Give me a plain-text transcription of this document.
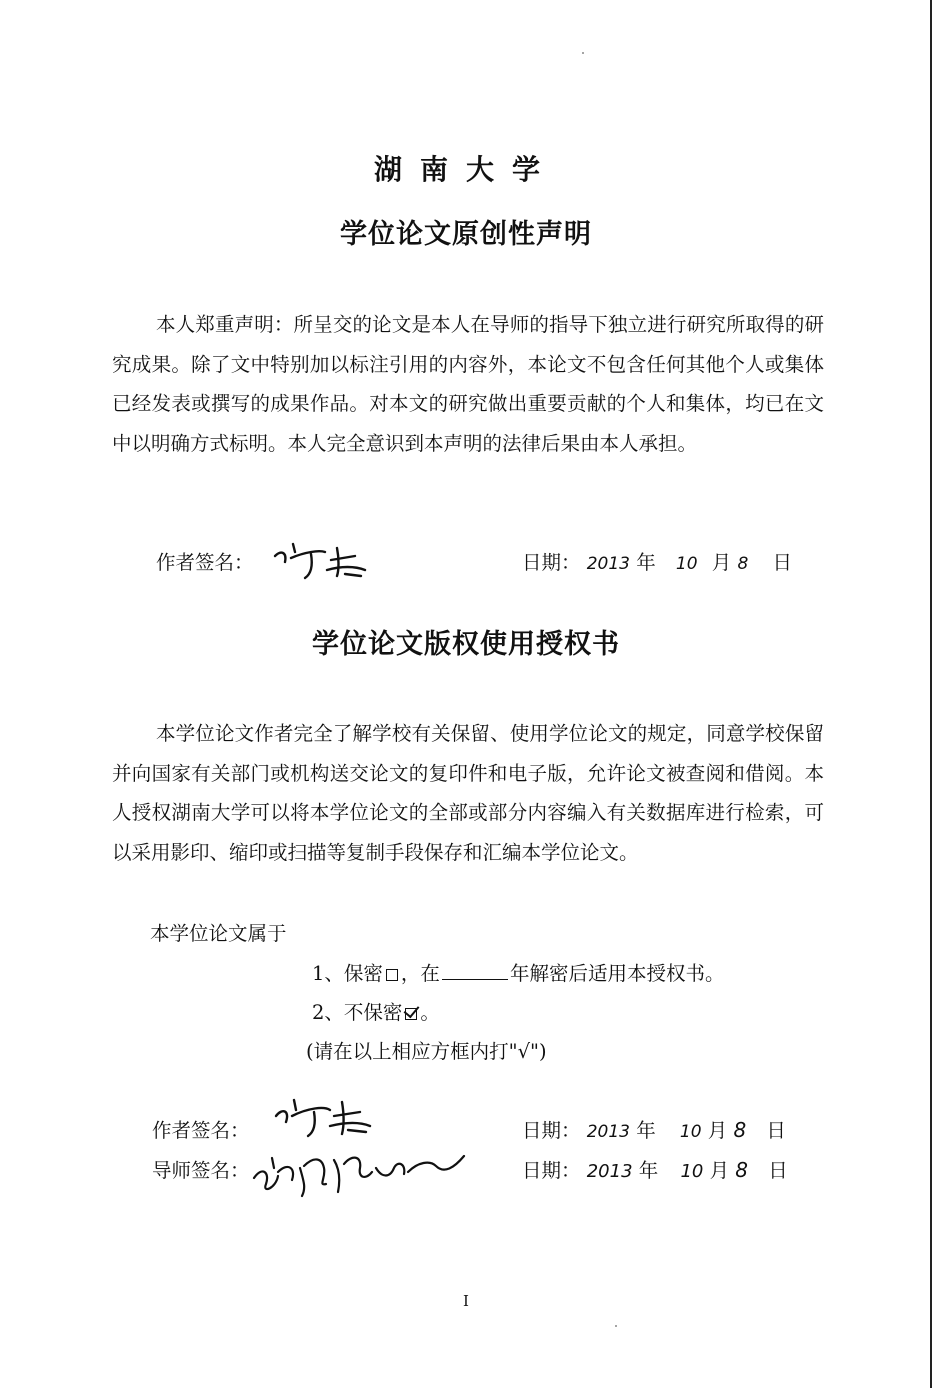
湖南大学
学位论文原创性声明

本人郑重声明：所呈交的论文是本人在导师的指导下独立进行研究所取得的研究成果。除了文中特别加以标注引用的内容外，本论文不包含任何其他个人或集体已经发表或撰写的成果作品。对本文的研究做出重要贡献的个人和集体，均已在文中以明确方式标明。本人完全意识到本声明的法律后果由本人承担。

作者签名：	日期： 2013 年 10 月 8 日
学位论文版权使用授权书

本学位论文作者完全了解学校有关保留、使用学位论文的规定，同意学校保留并向国家有关部门或机构送交论文的复印件和电子版，允许论文被查阅和借阅。本人授权湖南大学可以将本学位论文的全部或部分内容编入有关数据库进行检索，可以采用影印、缩印或扫描等复制手段保存和汇编本学位论文。

本学位论文属于
1、保密 ，在	年解密后适用本授权书。
2、不保密 。
(请在以上相应方框内打"√")
作者签名：	日期： 2013 年 10 月 8 日
导师签名：	日期： 2013 年 10 月 8 日
I
